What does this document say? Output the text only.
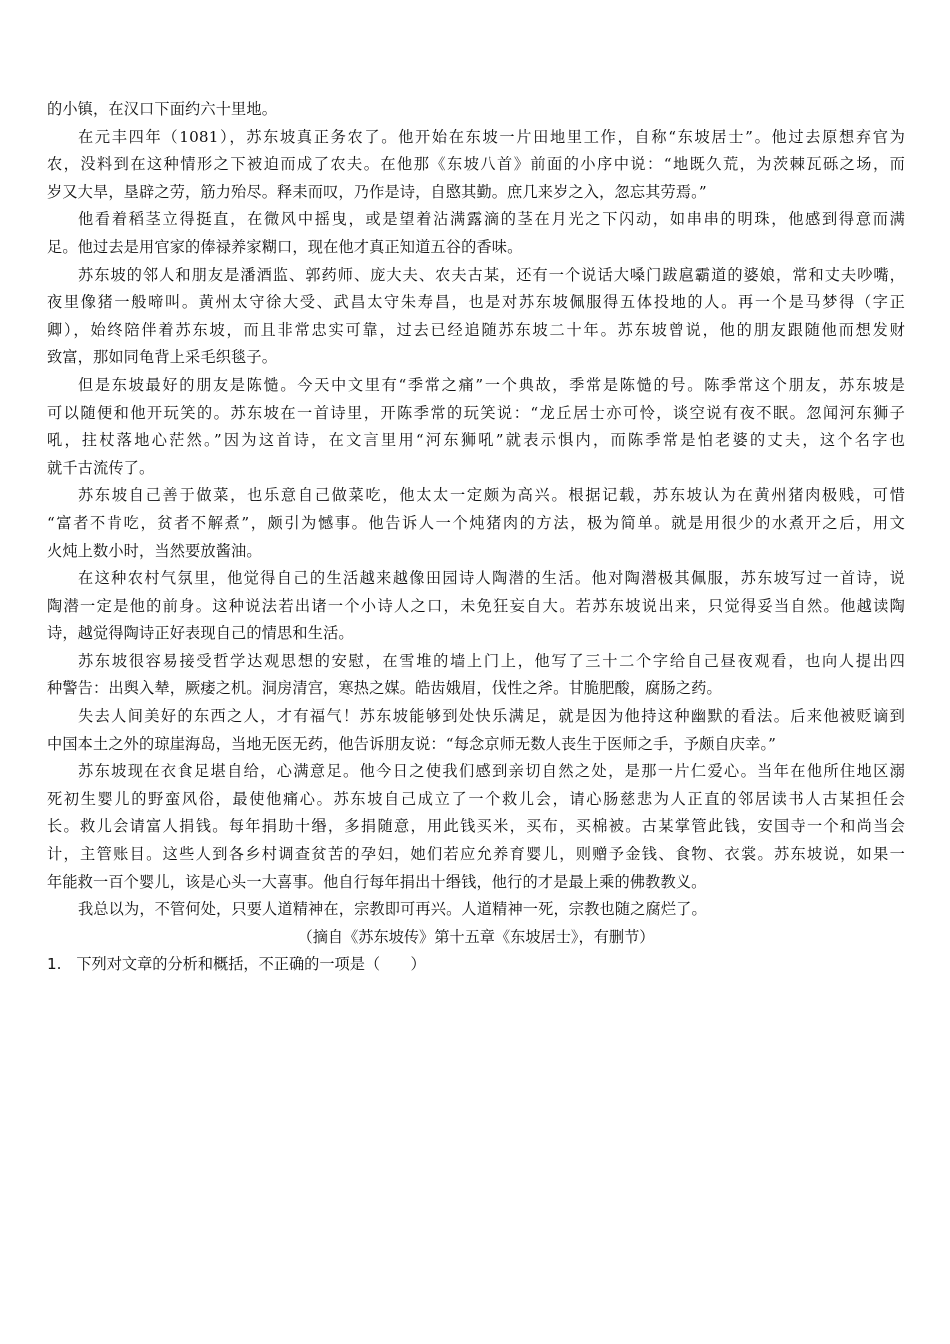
的小镇，在汉口下面约六十里地。
在元丰四年（1081），苏东坡真正务农了。他开始在东坡一片田地里工作，自称“东坡居士”。他过去原想弃官为
农，没料到在这种情形之下被迫而成了农夫。在他那《东坡八首》前面的小序中说：“地既久荒，为茨棘瓦砾之场，而
岁又大旱，垦辟之劳，筋力殆尽。释耒而叹，乃作是诗，自愍其勤。庶几来岁之入，忽忘其劳焉。”
他看着稻茎立得挺直，在微风中摇曳，或是望着沾满露滴的茎在月光之下闪动，如串串的明珠，他感到得意而满
足。他过去是用官家的俸禄养家糊口，现在他才真正知道五谷的香味。
苏东坡的邻人和朋友是潘酒监、郭药师、庞大夫、农夫古某，还有一个说话大嗓门跋扈霸道的婆娘，常和丈夫吵嘴，
夜里像猪一般啼叫。黄州太守徐大受、武昌太守朱寿昌，也是对苏东坡佩服得五体投地的人。再一个是马梦得（字正
卿），始终陪伴着苏东坡，而且非常忠实可靠，过去已经追随苏东坡二十年。苏东坡曾说，他的朋友跟随他而想发财
致富，那如同龟背上采毛织毯子。
但是东坡最好的朋友是陈慥。今天中文里有“季常之痛”一个典故，季常是陈慥的号。陈季常这个朋友，苏东坡是
可以随便和他开玩笑的。苏东坡在一首诗里，开陈季常的玩笑说：“龙丘居士亦可怜，谈空说有夜不眠。忽闻河东狮子
吼，拄杖落地心茫然。”因为这首诗，在文言里用“河东狮吼”就表示惧内，而陈季常是怕老婆的丈夫，这个名字也
就千古流传了。
苏东坡自己善于做菜，也乐意自己做菜吃，他太太一定颇为高兴。根据记载，苏东坡认为在黄州猪肉极贱，可惜
“富者不肯吃，贫者不解煮”，颇引为憾事。他告诉人一个炖猪肉的方法，极为简单。就是用很少的水煮开之后，用文
火炖上数小时，当然要放酱油。
在这种农村气氛里，他觉得自己的生活越来越像田园诗人陶潜的生活。他对陶潜极其佩服，苏东坡写过一首诗，说
陶潜一定是他的前身。这种说法若出诸一个小诗人之口，未免狂妄自大。若苏东坡说出来，只觉得妥当自然。他越读陶
诗，越觉得陶诗正好表现自己的情思和生活。
苏东坡很容易接受哲学达观思想的安慰，在雪堆的墙上门上，他写了三十二个字给自己昼夜观看，也向人提出四
种警告：出舆入辇，厥痿之机。洞房清宫，寒热之媒。皓齿娥眉，伐性之斧。甘脆肥酸，腐肠之药。
失去人间美好的东西之人，才有福气！苏东坡能够到处快乐满足，就是因为他持这种幽默的看法。后来他被贬谪到
中国本土之外的琼崖海岛，当地无医无药，他告诉朋友说：“每念京师无数人丧生于医师之手，予颇自庆幸。”
苏东坡现在衣食足堪自给，心满意足。他今日之使我们感到亲切自然之处，是那一片仁爱心。当年在他所住地区溺
死初生婴儿的野蛮风俗，最使他痛心。苏东坡自己成立了一个救儿会，请心肠慈悲为人正直的邻居读书人古某担任会
长。救儿会请富人捐钱。每年捐助十缗，多捐随意，用此钱买米，买布，买棉被。古某掌管此钱，安国寺一个和尚当会
计，主管账目。这些人到各乡村调查贫苦的孕妇，她们若应允养育婴儿，则赠予金钱、食物、衣裳。苏东坡说，如果一
年能救一百个婴儿，该是心头一大喜事。他自行每年捐出十缗钱，他行的才是最上乘的佛教教义。
我总以为，不管何处，只要人道精神在，宗教即可再兴。人道精神一死，宗教也随之腐烂了。
（摘自《苏东坡传》第十五章《东坡居士》，有删节）
1. 下列对文章的分析和概括，不正确的一项是（　　）
